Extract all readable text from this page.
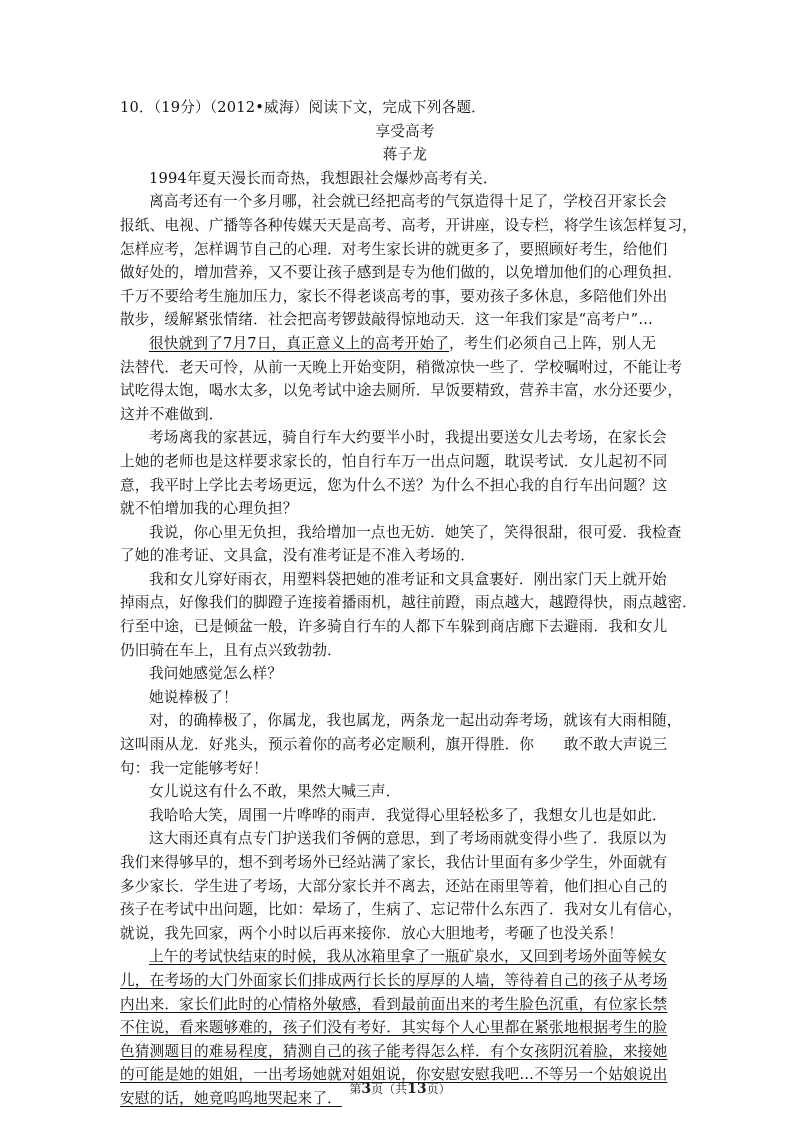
10．（19分）（2012•威海）阅读下文，完成下列各题．
享受高考
蒋子龙
1994年夏天漫长而奇热，我想跟社会爆炒高考有关．
离高考还有一个多月哪，社会就已经把高考的气氛造得十足了，学校召开家长会
报纸、电视、广播等各种传媒天天是高考、高考，开讲座，设专栏，将学生该怎样复习，
怎样应考，怎样调节自己的心理．对考生家长讲的就更多了，要照顾好考生，给他们
做好处的，增加营养，又不要让孩子感到是专为他们做的，以免增加他们的心理负担．
千万不要给考生施加压力，家长不得老谈高考的事，要劝孩子多休息，多陪他们外出
散步，缓解紧张情绪．社会把高考锣鼓敲得惊地动天．这一年我们家是“高考户”…
很快就到了7月7日，真正意义上的高考开始了，考生们必须自己上阵，别人无
法替代．老天可怜，从前一天晚上开始变阴，稍微凉快一些了．学校嘱咐过，不能让考
试吃得太饱，喝水太多，以免考试中途去厕所．早饭要精致，营养丰富，水分还要少，
这并不难做到．
考场离我的家甚远，骑自行车大约要半小时，我提出要送女儿去考场，在家长会
上她的老师也是这样要求家长的，怕自行车万一出点问题，耽误考试．女儿起初不同
意，我平时上学比去考场更远，您为什么不送？为什么不担心我的自行车出问题？这
就不怕增加我的心理负担？
我说，你心里无负担，我给增加一点也无妨．她笑了，笑得很甜，很可爱．我检查
了她的准考证、文具盒，没有准考证是不准入考场的．
我和女儿穿好雨衣，用塑料袋把她的准考证和文具盒裹好．刚出家门天上就开始
掉雨点，好像我们的脚蹬子连接着播雨机，越往前蹬，雨点越大，越蹬得快，雨点越密．
行至中途，已是倾盆一般，许多骑自行车的人都下车躲到商店廊下去避雨．我和女儿
仍旧骑在车上，且有点兴致勃勃．
我问她感觉怎么样？
她说棒极了！
对，的确棒极了，你属龙，我也属龙，两条龙一起出动奔考场，就该有大雨相随，
这叫雨从龙．好兆头，预示着你的高考必定顺利，旗开得胜．你　　敢不敢大声说三
句：我一定能够考好！
女儿说这有什么不敢，果然大喊三声．
我哈哈大笑，周围一片哗哗的雨声．我觉得心里轻松多了，我想女儿也是如此．
这大雨还真有点专门护送我们爷俩的意思，到了考场雨就变得小些了．我原以为
我们来得够早的，想不到考场外已经站满了家长，我估计里面有多少学生，外面就有
多少家长．学生进了考场，大部分家长并不离去，还站在雨里等着，他们担心自己的
孩子在考试中出问题，比如：晕场了，生病了、忘记带什么东西了．我对女儿有信心，
就说，我先回家，两个小时以后再来接你．放心大胆地考，考砸了也没关系！
上午的考试快结束的时候，我从冰箱里拿了一瓶矿泉水，又回到考场外面等候女
儿，在考场的大门外面家长们排成两行长长的厚厚的人墙，等待着自己的孩子从考场
内出来．家长们此时的心情格外敏感，看到最前面出来的考生脸色沉重，有位家长禁
不住说，看来题够难的，孩子们没有考好．其实每个人心里都在紧张地根据考生的脸
色猜测题目的难易程度，猜测自己的孩子能考得怎么样．有个女孩阴沉着脸，来接她
的可能是她的姐姐，一出考场她就对姐姐说，你安慰安慰我吧…不等另一个姑娘说出
安慰的话，她竟呜呜地哭起来了．
第3页（共13页）
